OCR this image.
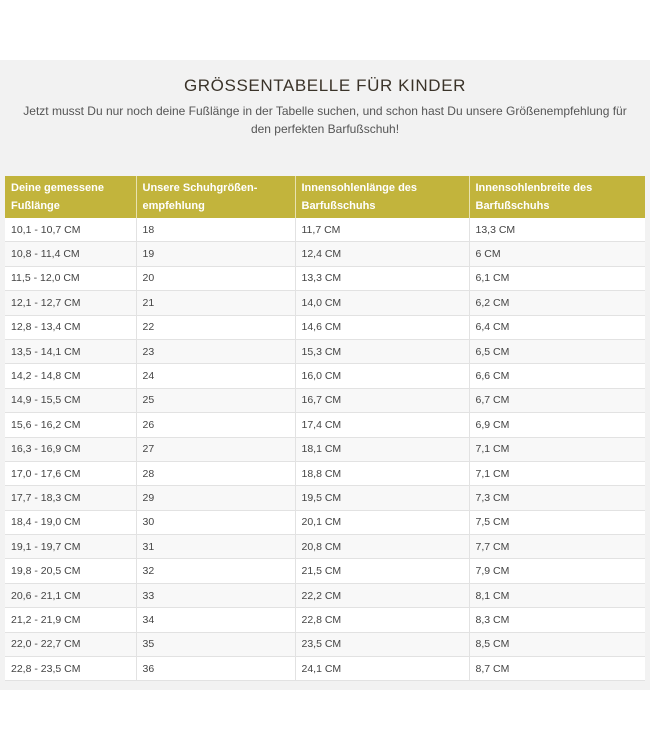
GRÖSSENTABELLE FÜR KINDER

Jetzt musst Du nur noch deine Fußlänge in der Tabelle suchen, und schon hast Du unsere Größenempfehlung für den perfekten Barfußschuh!

Deine gemessene Fußlänge	Unsere Schuhgrößen-empfehlung	Innensohlenlänge des Barfußschuhs	Innensohlenbreite des Barfußschuhs
10,1 - 10,7 CM	18	11,7 CM	13,3 CM
10,8 - 11,4 CM	19	12,4 CM	6 CM
11,5 - 12,0 CM	20	13,3 CM	6,1 CM
12,1 - 12,7 CM	21	14,0 CM	6,2 CM
12,8 - 13,4 CM	22	14,6 CM	6,4 CM
13,5 - 14,1 CM	23	15,3 CM	6,5 CM
14,2 - 14,8 CM	24	16,0 CM	6,6 CM
14,9 - 15,5 CM	25	16,7 CM	6,7 CM
15,6 - 16,2 CM	26	17,4 CM	6,9 CM
16,3 - 16,9 CM	27	18,1 CM	7,1 CM
17,0 - 17,6 CM	28	18,8 CM	7,1 CM
17,7 - 18,3 CM	29	19,5 CM	7,3 CM
18,4 - 19,0 CM	30	20,1 CM	7,5 CM
19,1 - 19,7 CM	31	20,8 CM	7,7 CM
19,8 - 20,5 CM	32	21,5 CM	7,9 CM
20,6 - 21,1 CM	33	22,2 CM	8,1 CM
21,2 - 21,9 CM	34	22,8 CM	8,3 CM
22,0 - 22,7 CM	35	23,5 CM	8,5 CM
22,8 - 23,5 CM	36	24,1 CM	8,7 CM
